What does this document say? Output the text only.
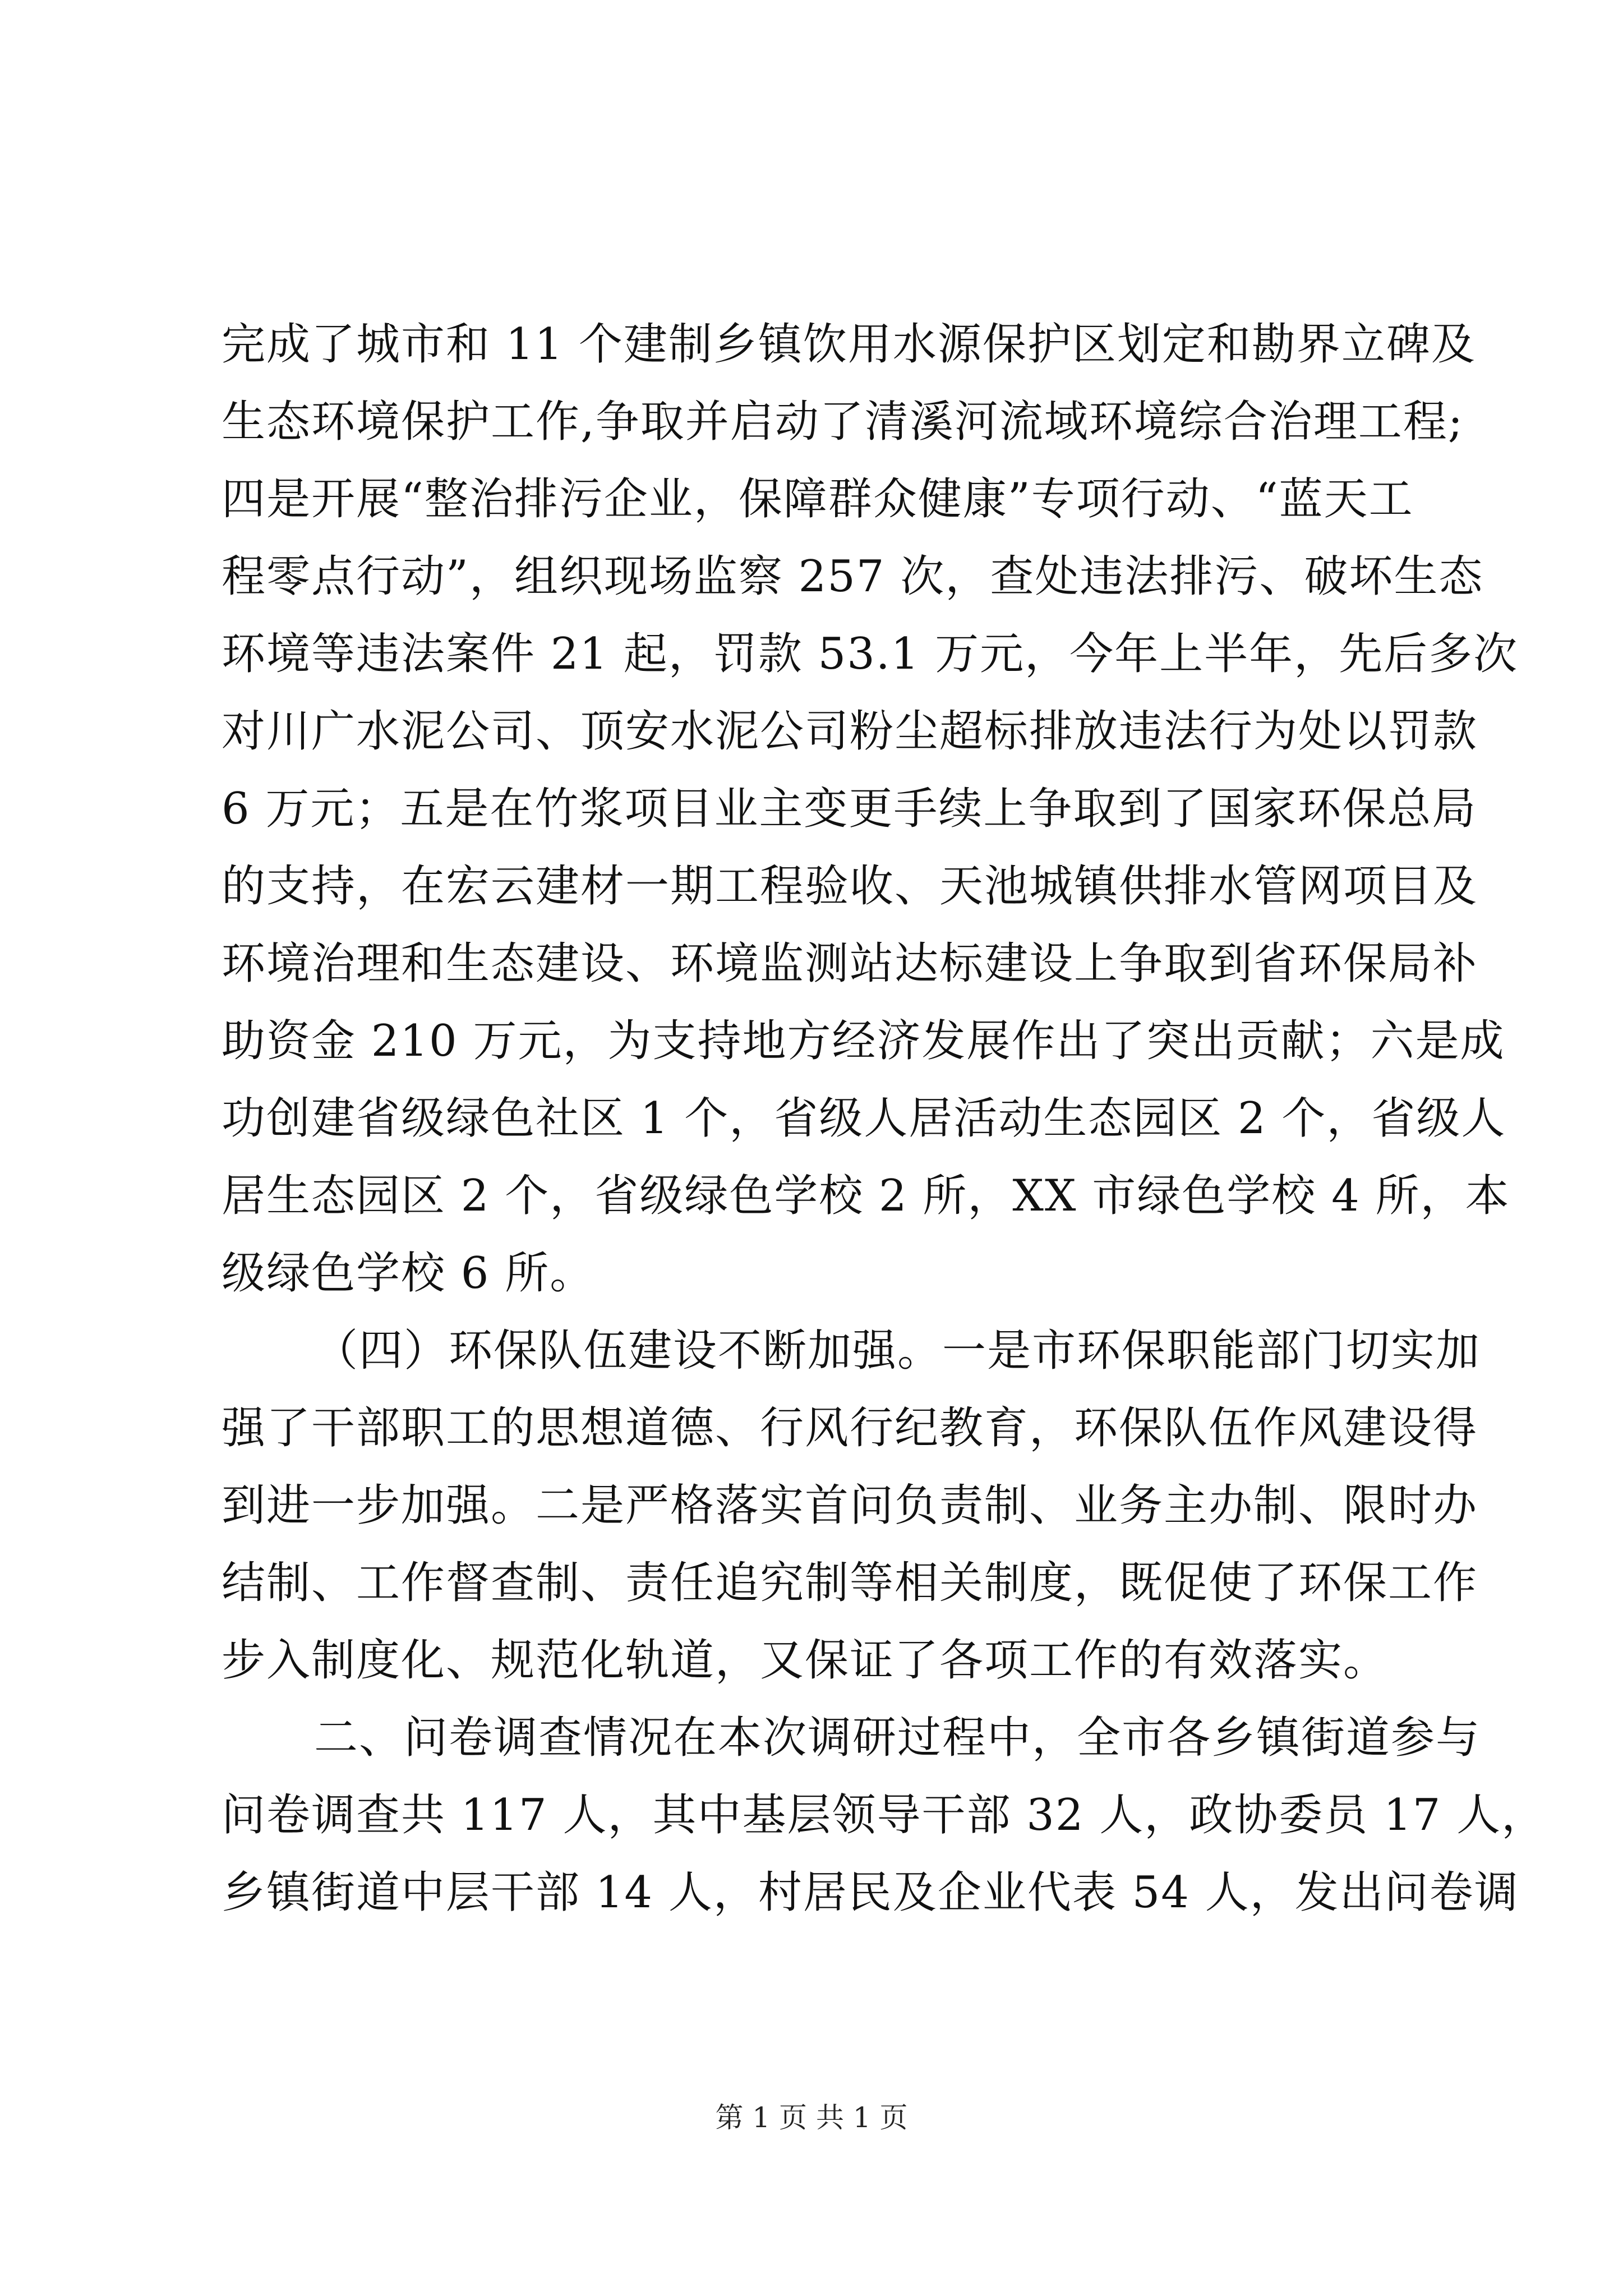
完成了城市和 11 个建制乡镇饮用水源保护区划定和勘界立碑及
生态环境保护工作,争取并启动了清溪河流域环境综合治理工程;
四是开展“整治排污企业，保障群众健康”专项行动、“蓝天工
程零点行动”，组织现场监察 257 次，查处违法排污、破坏生态
环境等违法案件 21 起，罚款 53.1 万元，今年上半年，先后多次
对川广水泥公司、顶安水泥公司粉尘超标排放违法行为处以罚款
6 万元；五是在竹浆项目业主变更手续上争取到了国家环保总局
的支持，在宏云建材一期工程验收、天池城镇供排水管网项目及
环境治理和生态建设、环境监测站达标建设上争取到省环保局补
助资金 210 万元，为支持地方经济发展作出了突出贡献；六是成
功创建省级绿色社区 1 个，省级人居活动生态园区 2 个，省级人
居生态园区 2 个，省级绿色学校 2 所，XX 市绿色学校 4 所，本
级绿色学校 6 所。
（四）环保队伍建设不断加强。一是市环保职能部门切实加
强了干部职工的思想道德、行风行纪教育，环保队伍作风建设得
到进一步加强。二是严格落实首问负责制、业务主办制、限时办
结制、工作督查制、责任追究制等相关制度，既促使了环保工作
步入制度化、规范化轨道，又保证了各项工作的有效落实。
二、问卷调查情况在本次调研过程中，全市各乡镇街道参与
问卷调查共 117 人，其中基层领导干部 32 人，政协委员 17 人，
乡镇街道中层干部 14 人，村居民及企业代表 54 人，发出问卷调
第 1 页 共 1 页
